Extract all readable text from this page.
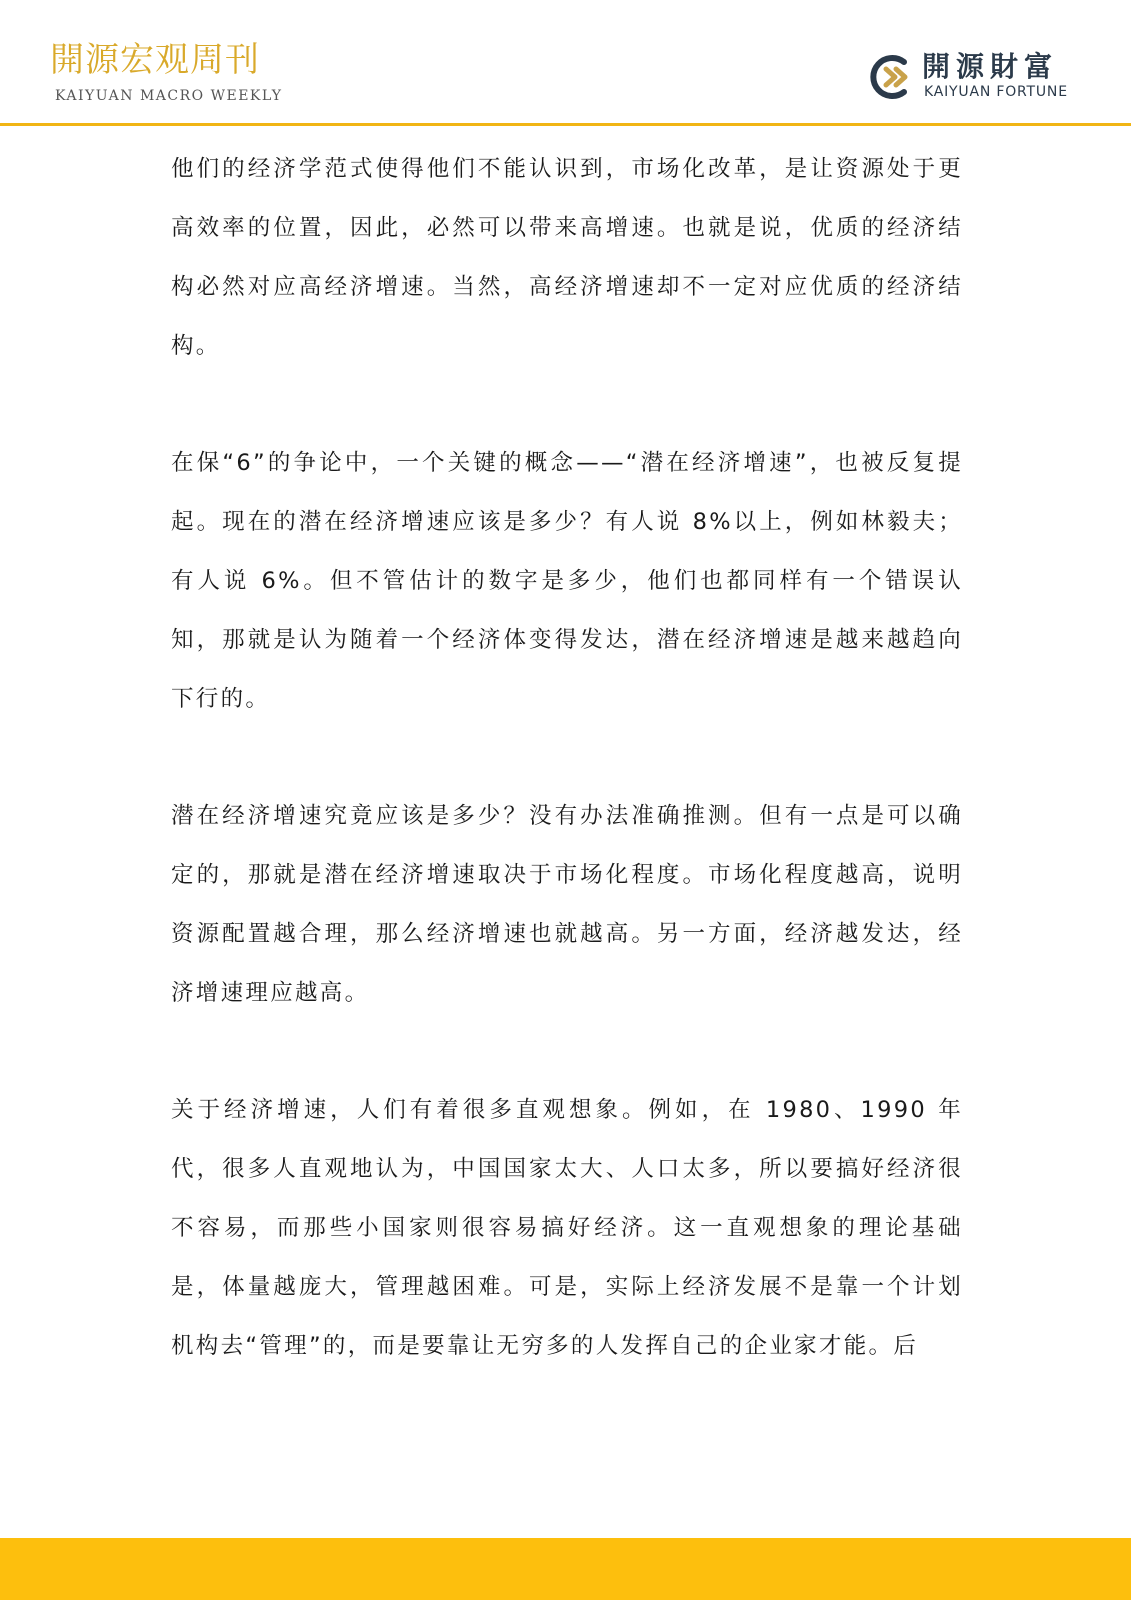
開源宏观周刊
KAIYUAN MACRO WEEKLY
開源財富
KAIYUAN FORTUNE

他们的经济学范式使得他们不能认识到，市场化改革，是让资源处于更高效率的位置，因此，必然可以带来高增速。也就是说，优质的经济结构必然对应高经济增速。当然，高经济增速却不一定对应优质的经济结构。

在保“6”的争论中，一个关键的概念——“潜在经济增速”，也被反复提起。现在的潜在经济增速应该是多少？有人说 8%以上，例如林毅夫；有人说 6%。但不管估计的数字是多少，他们也都同样有一个错误认知，那就是认为随着一个经济体变得发达，潜在经济增速是越来越趋向下行的。

潜在经济增速究竟应该是多少？没有办法准确推测。但有一点是可以确定的，那就是潜在经济增速取决于市场化程度。市场化程度越高，说明资源配置越合理，那么经济增速也就越高。另一方面，经济越发达，经济增速理应越高。

关于经济增速，人们有着很多直观想象。例如，在 1980、1990 年代，很多人直观地认为，中国国家太大、人口太多，所以要搞好经济很不容易，而那些小国家则很容易搞好经济。这一直观想象的理论基础是，体量越庞大，管理越困难。可是，实际上经济发展不是靠一个计划机构去“管理”的，而是要靠让无穷多的人发挥自己的企业家才能。后
